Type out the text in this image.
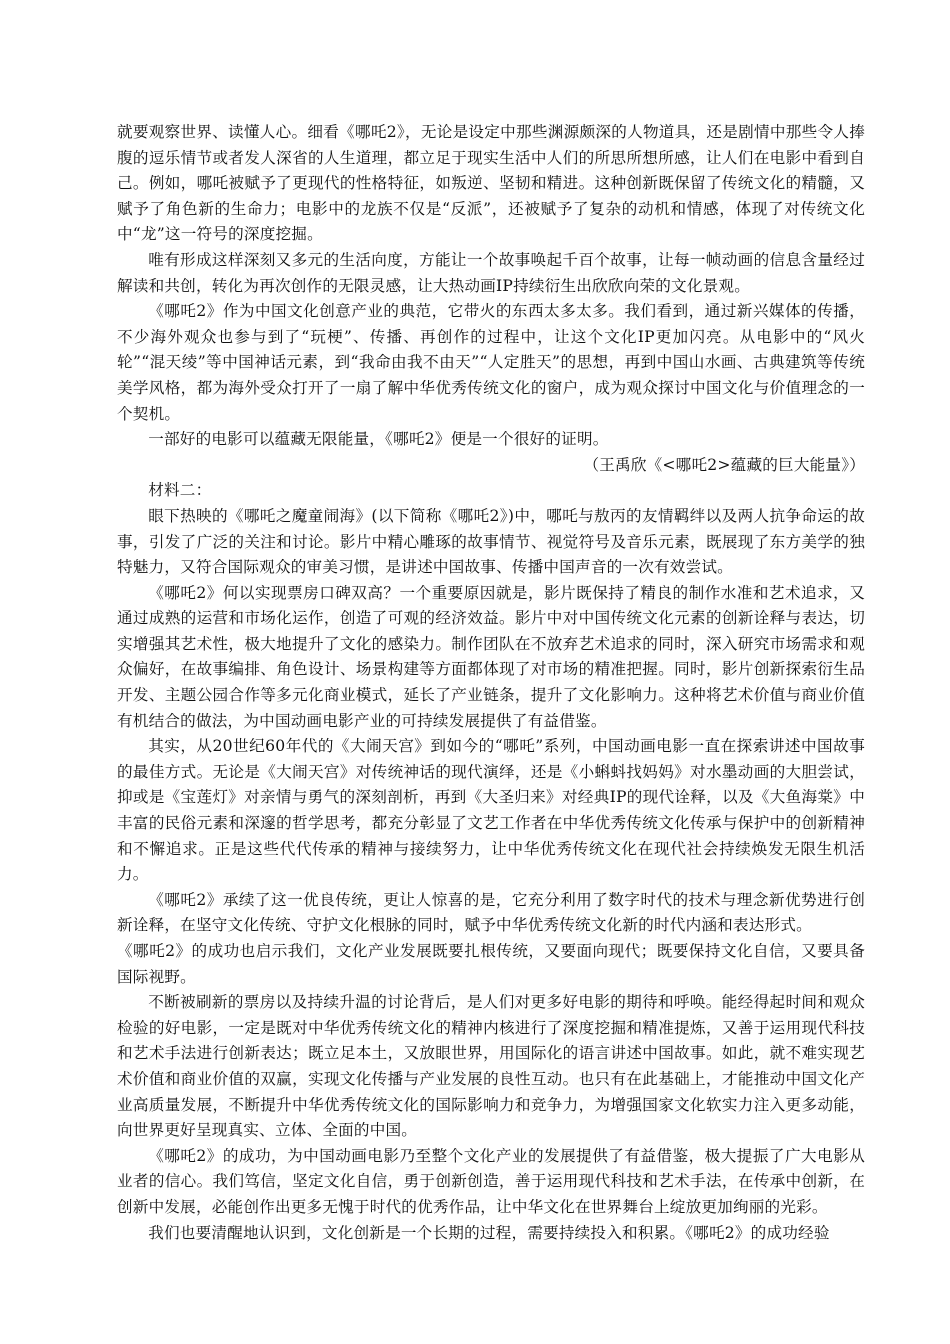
就要观察世界、读懂人心。细看《哪吒2》，无论是设定中那些渊源颇深的人物道具，还是剧情中那些令人捧腹的逗乐情节或者发人深省的人生道理，都立足于现实生活中人们的所思所想所感，让人们在电影中看到自己。例如，哪吒被赋予了更现代的性格特征，如叛逆、坚韧和精进。这种创新既保留了传统文化的精髓，又赋予了角色新的生命力；电影中的龙族不仅是“反派”，还被赋予了复杂的动机和情感，体现了对传统文化中“龙”这一符号的深度挖掘。

唯有形成这样深刻又多元的生活向度，方能让一个故事唤起千百个故事，让每一帧动画的信息含量经过解读和共创，转化为再次创作的无限灵感，让大热动画IP持续衍生出欣欣向荣的文化景观。

《哪吒2》作为中国文化创意产业的典范，它带火的东西太多太多。我们看到，通过新兴媒体的传播，不少海外观众也参与到了“玩梗”、传播、再创作的过程中，让这个文化IP更加闪亮。从电影中的“风火轮”“混天绫”等中国神话元素，到“我命由我不由天”“人定胜天”的思想，再到中国山水画、古典建筑等传统美学风格，都为海外受众打开了一扇了解中华优秀传统文化的窗户，成为观众探讨中国文化与价值理念的一个契机。

一部好的电影可以蕴藏无限能量，《哪吒2》便是一个很好的证明。

（王禹欣《<哪吒2>蕴藏的巨大能量》）

材料二：

眼下热映的《哪吒之魔童闹海》(以下简称《哪吒2》)中，哪吒与敖丙的友情羁绊以及两人抗争命运的故事，引发了广泛的关注和讨论。影片中精心雕琢的故事情节、视觉符号及音乐元素，既展现了东方美学的独特魅力，又符合国际观众的审美习惯，是讲述中国故事、传播中国声音的一次有效尝试。

《哪吒2》何以实现票房口碑双高？一个重要原因就是，影片既保持了精良的制作水准和艺术追求，又通过成熟的运营和市场化运作，创造了可观的经济效益。影片中对中国传统文化元素的创新诠释与表达，切实增强其艺术性，极大地提升了文化的感染力。制作团队在不放弃艺术追求的同时，深入研究市场需求和观众偏好，在故事编排、角色设计、场景构建等方面都体现了对市场的精准把握。同时，影片创新探索衍生品开发、主题公园合作等多元化商业模式，延长了产业链条，提升了文化影响力。这种将艺术价值与商业价值有机结合的做法，为中国动画电影产业的可持续发展提供了有益借鉴。

其实，从20世纪60年代的《大闹天宫》到如今的“哪吒”系列，中国动画电影一直在探索讲述中国故事的最佳方式。无论是《大闹天宫》对传统神话的现代演绎，还是《小蝌蚪找妈妈》对水墨动画的大胆尝试，抑或是《宝莲灯》对亲情与勇气的深刻剖析，再到《大圣归来》对经典IP的现代诠释，以及《大鱼海棠》中丰富的民俗元素和深邃的哲学思考，都充分彰显了文艺工作者在中华优秀传统文化传承与保护中的创新精神和不懈追求。正是这些代代传承的精神与接续努力，让中华优秀传统文化在现代社会持续焕发无限生机活力。

《哪吒2》承续了这一优良传统，更让人惊喜的是，它充分利用了数字时代的技术与理念新优势进行创新诠释，在坚守文化传统、守护文化根脉的同时，赋予中华优秀传统文化新的时代内涵和表达形式。

《哪吒2》的成功也启示我们，文化产业发展既要扎根传统，又要面向现代；既要保持文化自信，又要具备国际视野。

不断被刷新的票房以及持续升温的讨论背后，是人们对更多好电影的期待和呼唤。能经得起时间和观众检验的好电影，一定是既对中华优秀传统文化的精神内核进行了深度挖掘和精准提炼，又善于运用现代科技和艺术手法进行创新表达；既立足本土，又放眼世界，用国际化的语言讲述中国故事。如此，就不难实现艺术价值和商业价值的双赢，实现文化传播与产业发展的良性互动。也只有在此基础上，才能推动中国文化产业高质量发展，不断提升中华优秀传统文化的国际影响力和竞争力，为增强国家文化软实力注入更多动能，向世界更好呈现真实、立体、全面的中国。

《哪吒2》的成功，为中国动画电影乃至整个文化产业的发展提供了有益借鉴，极大提振了广大电影从业者的信心。我们笃信，坚定文化自信，勇于创新创造，善于运用现代科技和艺术手法，在传承中创新，在创新中发展，必能创作出更多无愧于时代的优秀作品，让中华文化在世界舞台上绽放更加绚丽的光彩。

我们也要清醒地认识到，文化创新是一个长期的过程，需要持续投入和积累。《哪吒2》的成功经验
